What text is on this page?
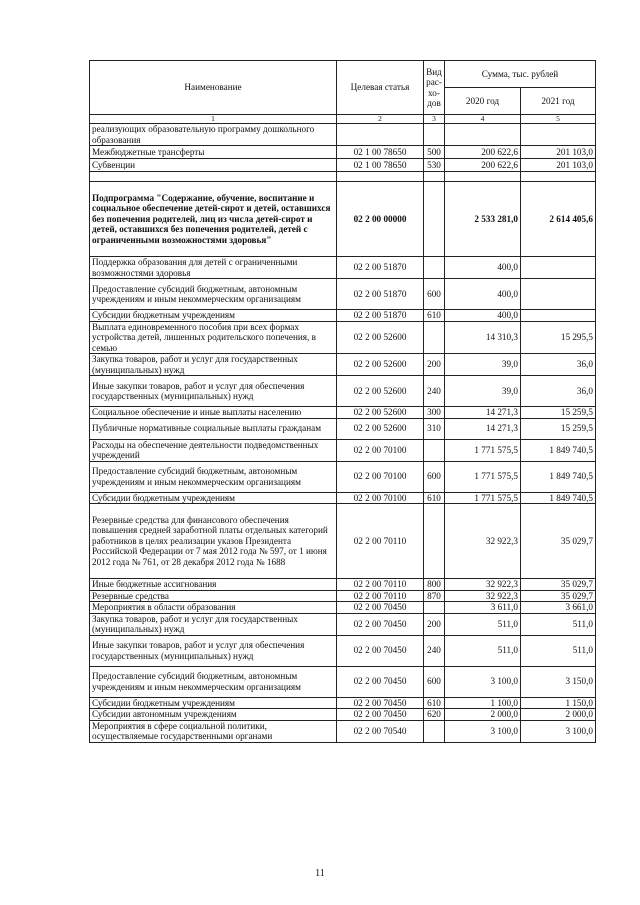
Наименование	Целевая статья	Вид рас- хо- дов	Сумма, тыс. рублей	
			2020 год	2021 год
1	2	3	4	5
реализующих образовательную программу дошкольного образования				
Межбюджетные трансферты	02 1 00 78650	500	200 622,6	201 103,0
Субвенции	02 1 00 78650	530	200 622,6	201 103,0

Подпрограмма "Содержание, обучение, воспитание и социальное обеспечение детей-сирот и детей, оставшихся без попечения родителей, лиц из числа детей-сирот и детей, оставшихся без попечения родителей, детей с ограниченными возможностями здоровья"	02 2 00 00000		2 533 281,0	2 614 405,6
Поддержка образования для детей с ограниченными возможностями здоровья	02 2 00 51870		400,0	
Предоставление субсидий бюджетным, автономным учреждениям и иным некоммерческим организациям	02 2 00 51870	600	400,0	
Субсидии бюджетным учреждениям	02 2 00 51870	610	400,0	
Выплата единовременного пособия при всех формах устройства детей, лишенных родительского попечения, в семью	02 2 00 52600		14 310,3	15 295,5
Закупка товаров, работ и услуг для государственных (муниципальных) нужд	02 2 00 52600	200	39,0	36,0
Иные закупки товаров, работ и услуг для обеспечения государственных (муниципальных) нужд	02 2 00 52600	240	39,0	36,0
Социальное обеспечение и иные выплаты населению	02 2 00 52600	300	14 271,3	15 259,5
Публичные нормативные социальные выплаты гражданам	02 2 00 52600	310	14 271,3	15 259,5
Расходы на обеспечение деятельности подведомственных учреждений	02 2 00 70100		1 771 575,5	1 849 740,5
Предоставление субсидий бюджетным, автономным учреждениям и иным некоммерческим организациям	02 2 00 70100	600	1 771 575,5	1 849 740,5
Субсидии бюджетным учреждениям	02 2 00 70100	610	1 771 575,5	1 849 740,5
Резервные средства для финансового обеспечения повышения средней заработной платы отдельных категорий работников в целях реализации указов Президента Российской Федерации от 7 мая 2012 года № 597, от 1 июня 2012 года № 761, от 28 декабря 2012 года № 1688	02 2 00 70110		32 922,3	35 029,7
Иные бюджетные ассигнования	02 2 00 70110	800	32 922,3	35 029,7
Резервные средства	02 2 00 70110	870	32 922,3	35 029,7
Мероприятия в области образования	02 2 00 70450		3 611,0	3 661,0
Закупка товаров, работ и услуг для государственных (муниципальных) нужд	02 2 00 70450	200	511,0	511,0
Иные закупки товаров, работ и услуг для обеспечения государственных (муниципальных) нужд	02 2 00 70450	240	511,0	511,0
Предоставление субсидий бюджетным, автономным учреждениям и иным некоммерческим организациям	02 2 00 70450	600	3 100,0	3 150,0
Субсидии бюджетным учреждениям	02 2 00 70450	610	1 100,0	1 150,0
Субсидии автономным учреждениям	02 2 00 70450	620	2 000,0	2 000,0
Мероприятия в сфере социальной политики, осуществляемые государственными органами	02 2 00 70540		3 100,0	3 100,0
11
